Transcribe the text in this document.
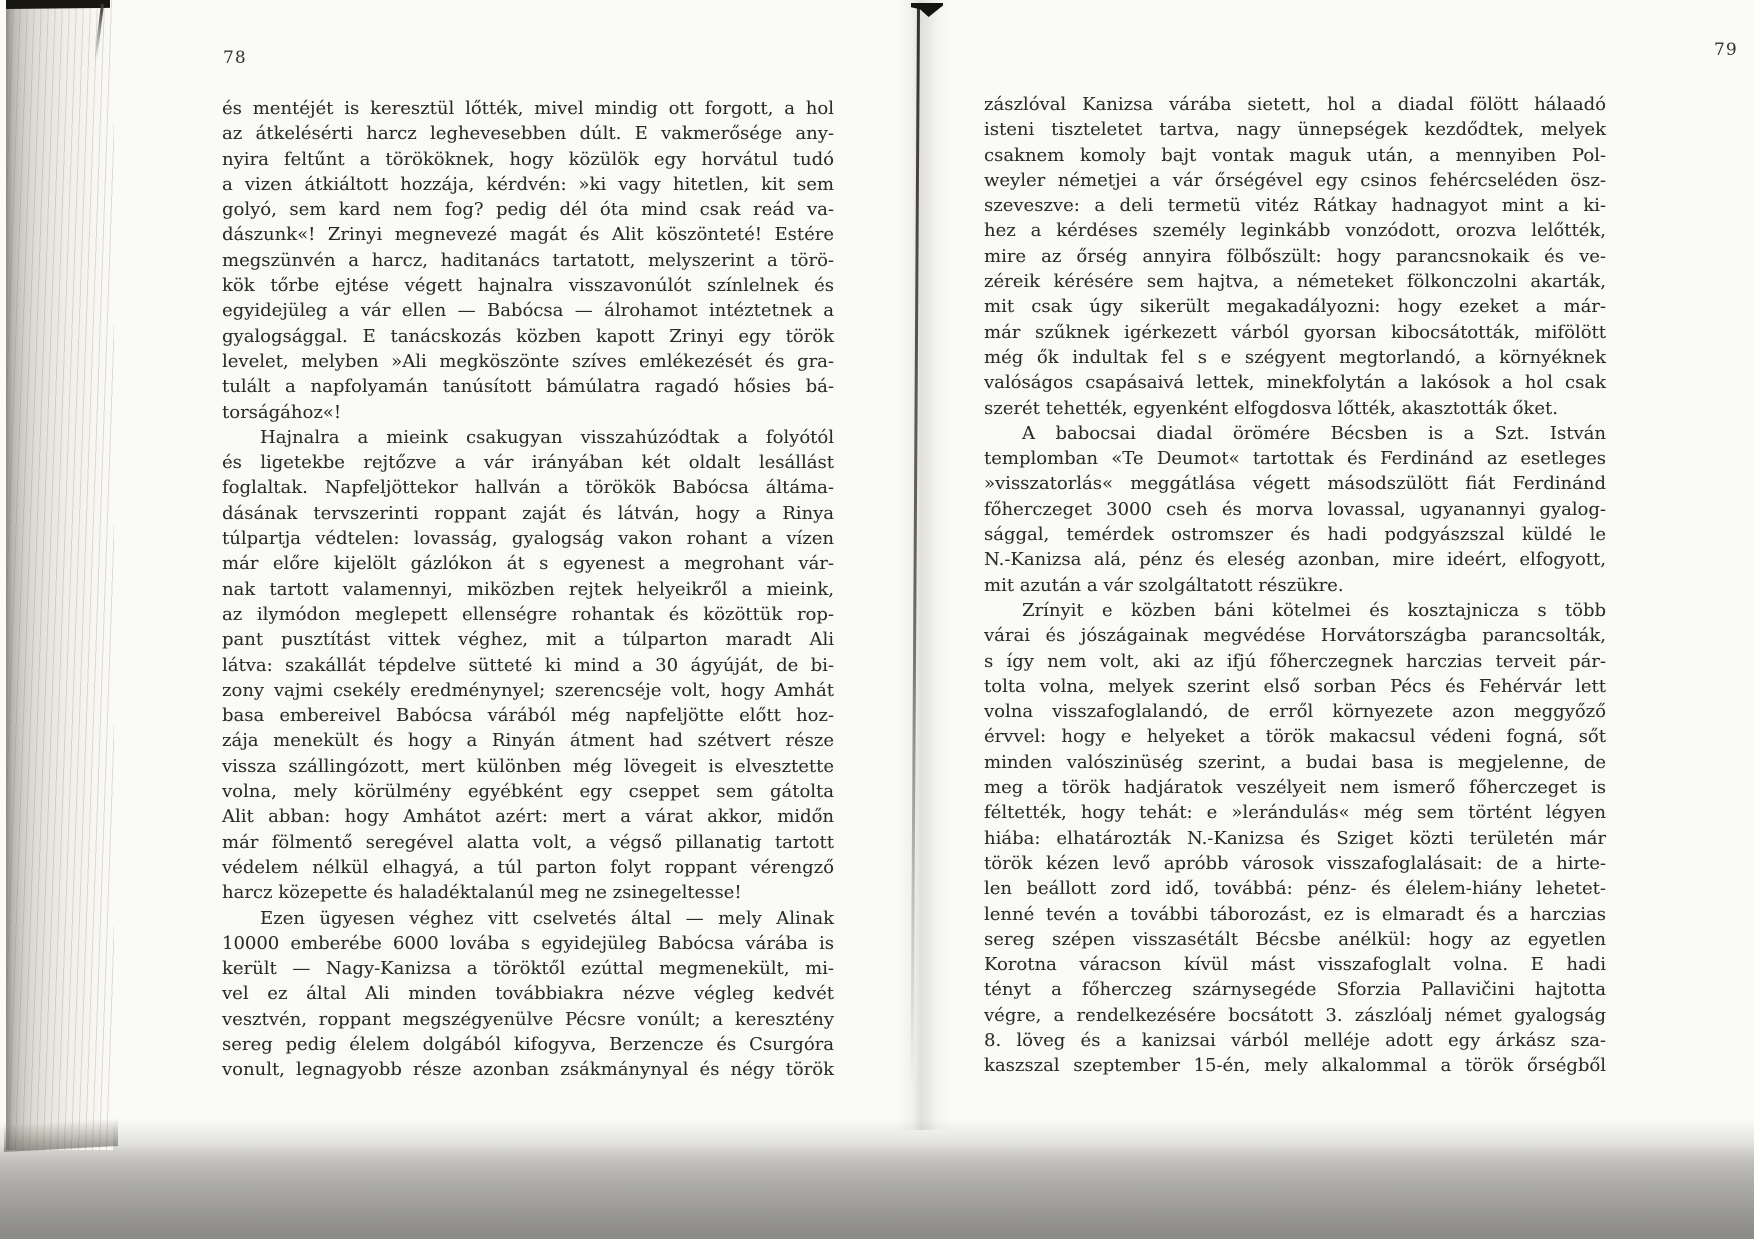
78
és mentéjét is keresztül lőtték, mivel mindig ott forgott, a hol
az átkelésérti harcz leghevesebben dúlt. E vakmerősége any-
nyira feltűnt a törököknek, hogy közülök egy horvátul tudó
a vizen átkiáltott hozzája, kérdvén: »ki vagy hitetlen, kit sem
golyó, sem kard nem fog? pedig dél óta mind csak reád va-
dászunk«! Zrinyi megnevezé magát és Alit köszönteté! Estére
megszünvén a harcz, haditanács tartatott, melyszerint a törö-
kök tőrbe ejtése végett hajnalra visszavonúlót színlelnek és
egyidejüleg a vár ellen — Babócsa — álrohamot intéztetnek a
gyalogsággal. E tanácskozás közben kapott Zrinyi egy török
levelet, melyben »Ali megköszönte szíves emlékezését és gra-
tulált a napfolyamán tanúsított bámúlatra ragadó hősies bá-
torságához«!
Hajnalra a mieink csakugyan visszahúzódtak a folyótól
és ligetekbe rejtőzve a vár irányában két oldalt lesállást
foglaltak. Napfeljöttekor hallván a törökök Babócsa áltáma-
dásának tervszerinti roppant zaját és látván, hogy a Rinya
túlpartja védtelen: lovasság, gyalogság vakon rohant a vízen
már előre kijelölt gázlókon át s egyenest a megrohant vár-
nak tartott valamennyi, miközben rejtek helyeikről a mieink,
az ilymódon meglepett ellenségre rohantak és közöttük rop-
pant pusztítást vittek véghez, mit a túlparton maradt Ali
látva: szakállát tépdelve sütteté ki mind a 30 ágyúját, de bi-
zony vajmi csekély eredménynyel; szerencséje volt, hogy Amhát
basa embereivel Babócsa várából még napfeljötte előtt hoz-
zája menekült és hogy a Rinyán átment had szétvert része
vissza szállingózott, mert különben még lövegeit is elvesztette
volna, mely körülmény egyébként egy cseppet sem gátolta
Alit abban: hogy Amhátot azért: mert a várat akkor, midőn
már fölmentő seregével alatta volt, a végső pillanatig tartott
védelem nélkül elhagyá, a túl parton folyt roppant vérengző
harcz közepette és haladéktalanúl meg ne zsinegeltesse!
Ezen ügyesen véghez vitt cselvetés által — mely Alinak
10000 emberébe 6000 lovába s egyidejüleg Babócsa várába is
került — Nagy-Kanizsa a töröktől ezúttal megmenekült, mi-
vel ez által Ali minden továbbiakra nézve végleg kedvét
vesztvén, roppant megszégyenülve Pécsre vonúlt; a keresztény
sereg pedig élelem dolgából kifogyva, Berzencze és Csurgóra
vonult, legnagyobb része azonban zsákmánynyal és négy török
79
zászlóval Kanizsa várába sietett, hol a diadal fölött hálaadó
isteni tiszteletet tartva, nagy ünnepségek kezdődtek, melyek
csaknem komoly bajt vontak maguk után, a mennyiben Pol-
weyler németjei a vár őrségével egy csinos fehércseléden ösz-
szeveszve: a deli termetü vitéz Rátkay hadnagyot mint a ki-
hez a kérdéses személy leginkább vonzódott, orozva lelőtték,
mire az őrség annyira fölbőszült: hogy parancsnokaik és ve-
zéreik kérésére sem hajtva, a németeket fölkonczolni akarták,
mit csak úgy sikerült megakadályozni: hogy ezeket a már-
már szűknek igérkezett várból gyorsan kibocsátották, mifölött
még ők indultak fel s e szégyent megtorlandó, a környéknek
valóságos csapásaivá lettek, minekfolytán a lakósok a hol csak
szerét tehették, egyenként elfogdosva lőtték, akasztották őket.
A babocsai diadal örömére Bécsben is a Szt. István
templomban «Te Deumot« tartottak és Ferdinánd az esetleges
»visszatorlás« meggátlása végett másodszülött fiát Ferdinánd
főherczeget 3000 cseh és morva lovassal, ugyanannyi gyalog-
sággal, temérdek ostromszer és hadi podgyászszal küldé le
N.-Kanizsa alá, pénz és eleség azonban, mire ideért, elfogyott,
mit azután a vár szolgáltatott részükre.
Zrínyit e közben báni kötelmei és kosztajnicza s több
várai és jószágainak megvédése Horvátországba parancsolták,
s így nem volt, aki az ifjú főherczegnek harczias terveit pár-
tolta volna, melyek szerint első sorban Pécs és Fehérvár lett
volna visszafoglalandó, de erről környezete azon meggyőző
érvvel: hogy e helyeket a török makacsul védeni fogná, sőt
minden valószinüség szerint, a budai basa is megjelenne, de
meg a török hadjáratok veszélyeit nem ismerő főherczeget is
féltették, hogy tehát: e »lerándulás« még sem történt légyen
hiába: elhatározták N.-Kanizsa és Sziget közti területén már
török kézen levő apróbb városok visszafoglalásait: de a hirte-
len beállott zord idő, továbbá: pénz- és élelem-hiány lehetet-
lenné tevén a további táborozást, ez is elmaradt és a harczias
sereg szépen visszasétált Bécsbe anélkül: hogy az egyetlen
Korotna váracson kívül mást visszafoglalt volna. E hadi
tényt a főherczeg szárnysegéde Sforzia Pallavičini hajtotta
végre, a rendelkezésére bocsátott 3. zászlóalj német gyalogság
8. löveg és a kanizsai várból melléje adott egy árkász sza-
kaszszal szeptember 15-én, mely alkalommal a török őrségből
